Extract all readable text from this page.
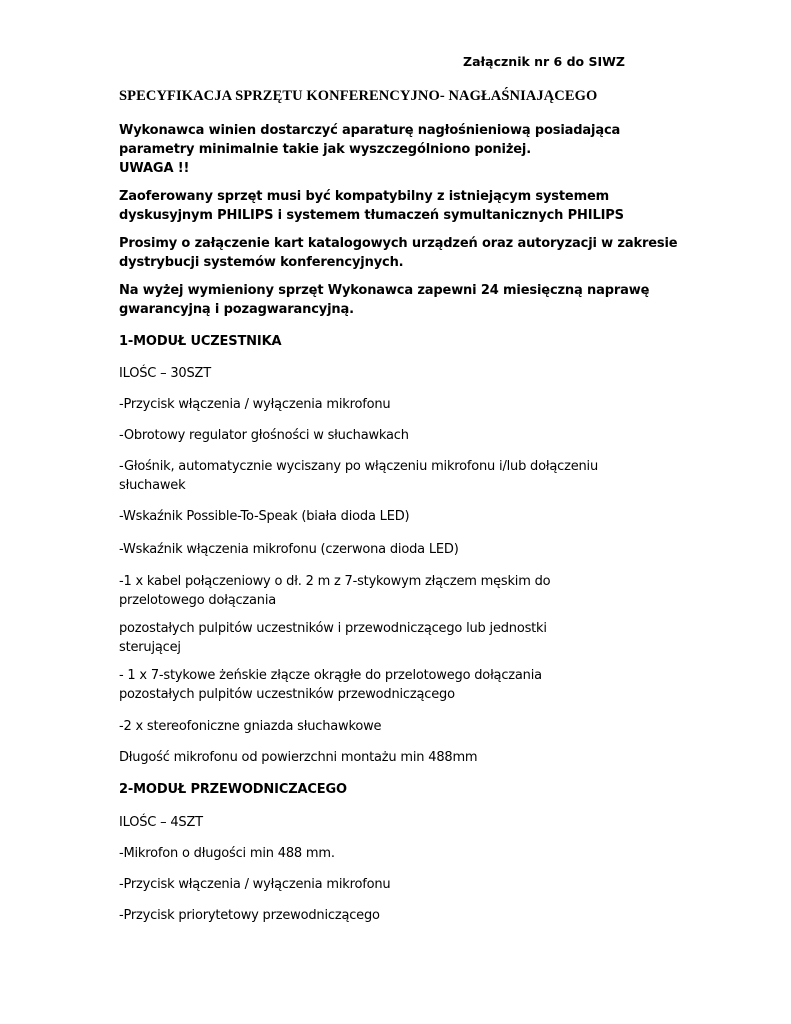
Załącznik nr 6 do SIWZ
SPECYFIKACJA SPRZĘTU KONFERENCYJNO- NAGŁAŚNIAJĄCEGO
Wykonawca winien dostarczyć aparaturę nagłośnieniową posiadająca
parametry minimalnie takie jak wyszczególniono poniżej.
UWAGA !!
Zaoferowany sprzęt musi być kompatybilny z istniejącym systemem
dyskusyjnym PHILIPS i systemem tłumaczeń symultanicznych PHILIPS
Prosimy o załączenie kart katalogowych urządzeń oraz autoryzacji w zakresie
dystrybucji systemów konferencyjnych.
Na wyżej wymieniony sprzęt Wykonawca zapewni 24 miesięczną naprawę
gwarancyjną i pozagwarancyjną.
1-MODUŁ UCZESTNIKA
ILOŚC – 30SZT
-Przycisk włączenia / wyłączenia mikrofonu
-Obrotowy regulator głośności w słuchawkach
-Głośnik, automatycznie wyciszany po włączeniu mikrofonu i/lub dołączeniu
słuchawek
-Wskaźnik Possible-To-Speak (biała dioda LED)
-Wskaźnik włączenia mikrofonu (czerwona dioda LED)
-1 x kabel połączeniowy o dł. 2 m z 7-stykowym złączem męskim do
przelotowego dołączania
pozostałych pulpitów uczestników i przewodniczącego lub jednostki
sterującej
- 1 x 7-stykowe żeńskie złącze okrągłe do przelotowego dołączania
pozostałych pulpitów uczestników przewodniczącego
-2 x stereofoniczne gniazda słuchawkowe
Długość mikrofonu od powierzchni montażu min 488mm
2-MODUŁ PRZEWODNICZACEGO
ILOŚC – 4SZT
-Mikrofon o długości min 488 mm.
-Przycisk włączenia / wyłączenia mikrofonu
-Przycisk priorytetowy przewodniczącego
